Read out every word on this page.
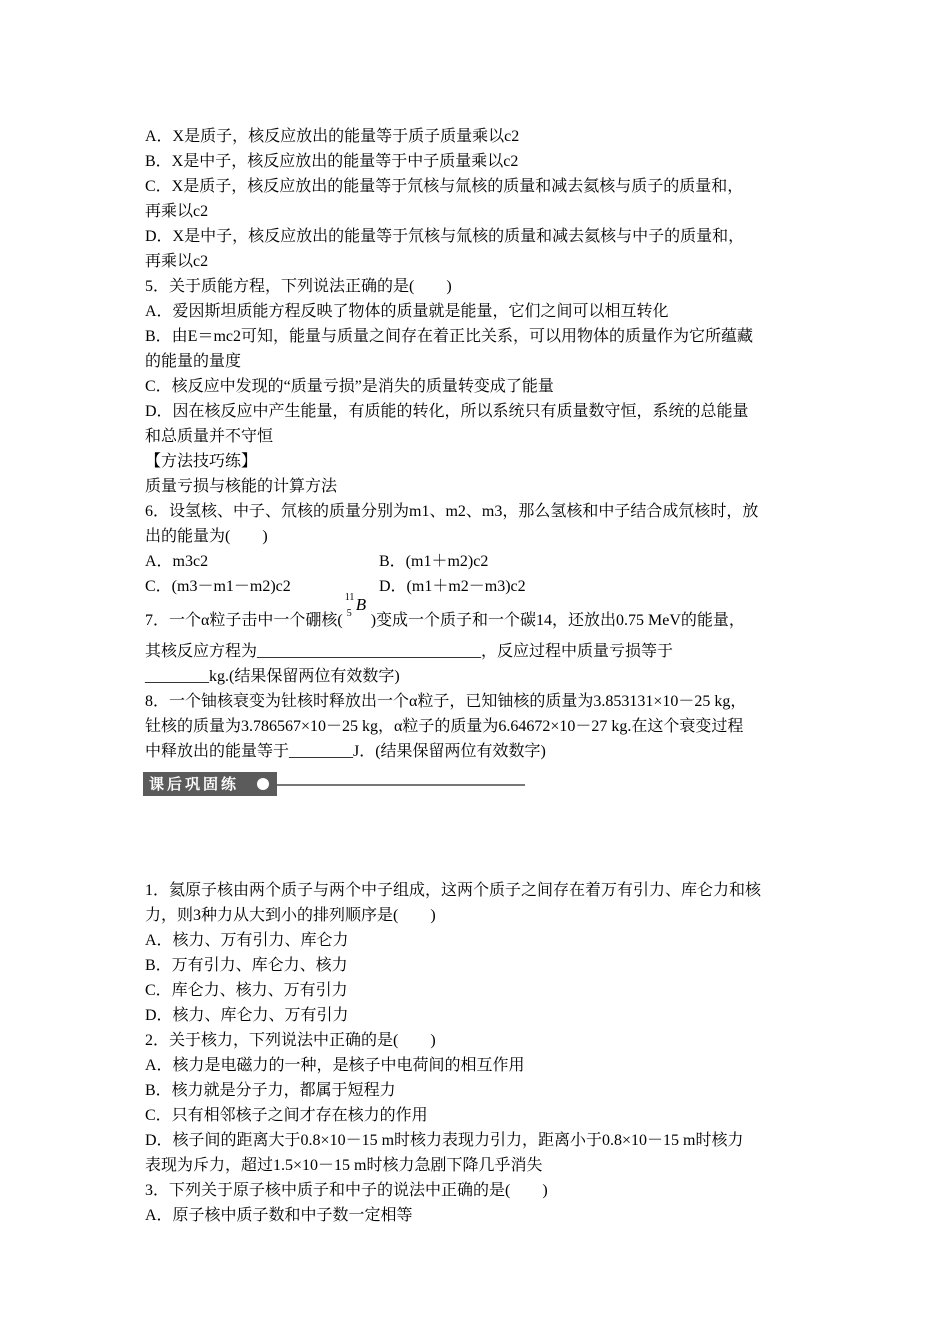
A．X是质子，核反应放出的能量等于质子质量乘以c2
B．X是中子，核反应放出的能量等于中子质量乘以c2
C．X是质子，核反应放出的能量等于氘核与氚核的质量和减去氦核与质子的质量和，
再乘以c2
D．X是中子，核反应放出的能量等于氘核与氚核的质量和减去氦核与中子的质量和，
再乘以c2
5．关于质能方程，下列说法正确的是(　　)
A．爱因斯坦质能方程反映了物体的质量就是能量，它们之间可以相互转化
B．由E＝mc2可知，能量与质量之间存在着正比关系，可以用物体的质量作为它所蕴藏
的能量的量度
C．核反应中发现的“质量亏损”是消失的质量转变成了能量
D．因在核反应中产生能量，有质能的转化，所以系统只有质量数守恒，系统的总能量
和总质量并不守恒
【方法技巧练】
质量亏损与核能的计算方法
6．设氢核、中子、氘核的质量分别为m1、m2、m3，那么氢核和中子结合成氘核时，放
出的能量为(　　)
A．m3c2	B．(m1＋m2)c2
C．(m3－m1－m2)c2	D．(m1＋m2－m3)c2
7．一个α粒子击中一个硼核(
11
5 B
)变成一个质子和一个碳14，还放出0.75 MeV的能量，
其核反应方程为____________________________，反应过程中质量亏损等于
________kg.(结果保留两位有效数字)
8．一个铀核衰变为钍核时释放出一个α粒子，已知铀核的质量为3.853131×10－25 kg，
钍核的质量为3.786567×10－25 kg，α粒子的质量为6.64672×10－27 kg.在这个衰变过程
中释放出的能量等于________J．(结果保留两位有效数字)
课后巩固练
1．氦原子核由两个质子与两个中子组成，这两个质子之间存在着万有引力、库仑力和核
力，则3种力从大到小的排列顺序是(　　)
A．核力、万有引力、库仑力
B．万有引力、库仑力、核力
C．库仑力、核力、万有引力
D．核力、库仑力、万有引力
2．关于核力，下列说法中正确的是(　　)
A．核力是电磁力的一种，是核子中电荷间的相互作用
B．核力就是分子力，都属于短程力
C．只有相邻核子之间才存在核力的作用
D．核子间的距离大于0.8×10－15 m时核力表现力引力，距离小于0.8×10－15 m时核力
表现为斥力，超过1.5×10－15 m时核力急剧下降几乎消失
3．下列关于原子核中质子和中子的说法中正确的是(　　)
A．原子核中质子数和中子数一定相等
